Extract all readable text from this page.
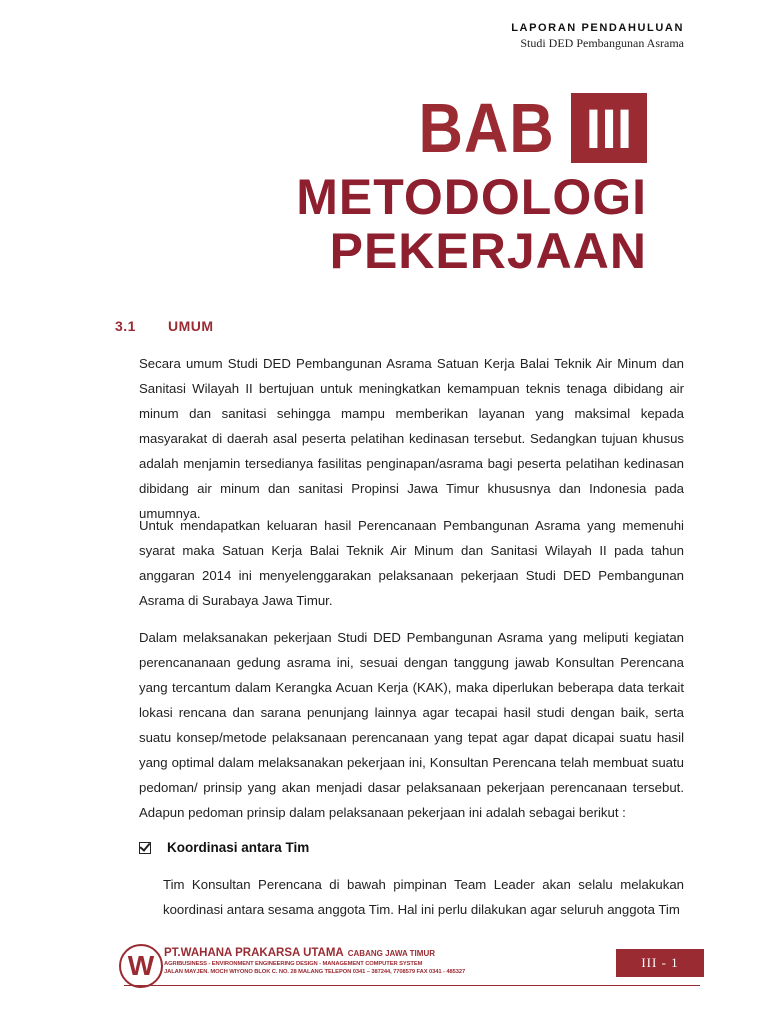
LAPORAN PENDAHULUAN
Studi DED Pembangunan Asrama
BAB III
METODOLOGI
PEKERJAAN
3.1 UMUM
Secara umum Studi DED Pembangunan Asrama Satuan Kerja Balai Teknik Air Minum dan Sanitasi Wilayah II bertujuan untuk meningkatkan kemampuan teknis tenaga dibidang air minum dan sanitasi sehingga mampu memberikan layanan yang maksimal kepada masyarakat di daerah asal peserta pelatihan kedinasan tersebut. Sedangkan tujuan khusus adalah menjamin tersedianya fasilitas penginapan/asrama bagi peserta pelatihan kedinasan dibidang air minum dan sanitasi Propinsi Jawa Timur khususnya dan Indonesia pada umumnya.
Untuk mendapatkan keluaran hasil Perencanaan Pembangunan Asrama yang memenuhi syarat maka Satuan Kerja Balai Teknik Air Minum dan Sanitasi Wilayah II pada tahun anggaran 2014 ini menyelenggarakan pelaksanaan pekerjaan Studi DED Pembangunan Asrama di Surabaya Jawa Timur.
Dalam melaksanakan pekerjaan Studi DED Pembangunan Asrama yang meliputi kegiatan perencananaan gedung asrama ini, sesuai dengan tanggung jawab Konsultan Perencana yang tercantum dalam Kerangka Acuan Kerja (KAK), maka diperlukan beberapa data terkait lokasi rencana dan sarana penunjang lainnya agar tecapai hasil studi dengan baik, serta suatu konsep/metode pelaksanaan perencanaan yang tepat agar dapat dicapai suatu hasil yang optimal dalam melaksanakan pekerjaan ini, Konsultan Perencana telah membuat suatu pedoman/ prinsip yang akan menjadi dasar pelaksanaan pekerjaan perencanaan tersebut. Adapun pedoman prinsip dalam pelaksanaan pekerjaan ini adalah sebagai berikut :
Koordinasi antara Tim
Tim Konsultan Perencana di bawah pimpinan Team Leader akan selalu melakukan koordinasi antara sesama anggota Tim. Hal ini perlu dilakukan agar seluruh anggota Tim
W PT.WAHANA PRAKARSA UTAMA CABANG JAWA TIMUR
AGRIBUSINESS - ENVIRONMENT ENGINEERING DESIGN - MANAGEMENT COMPUTER SYSTEM
JALAN MAYJEN. MOCH WIYONO BLOK C. NO. 28 MALANG TELEPON 0341 – 387244, 7708579 FAX 0341 - 485327
III - 1
